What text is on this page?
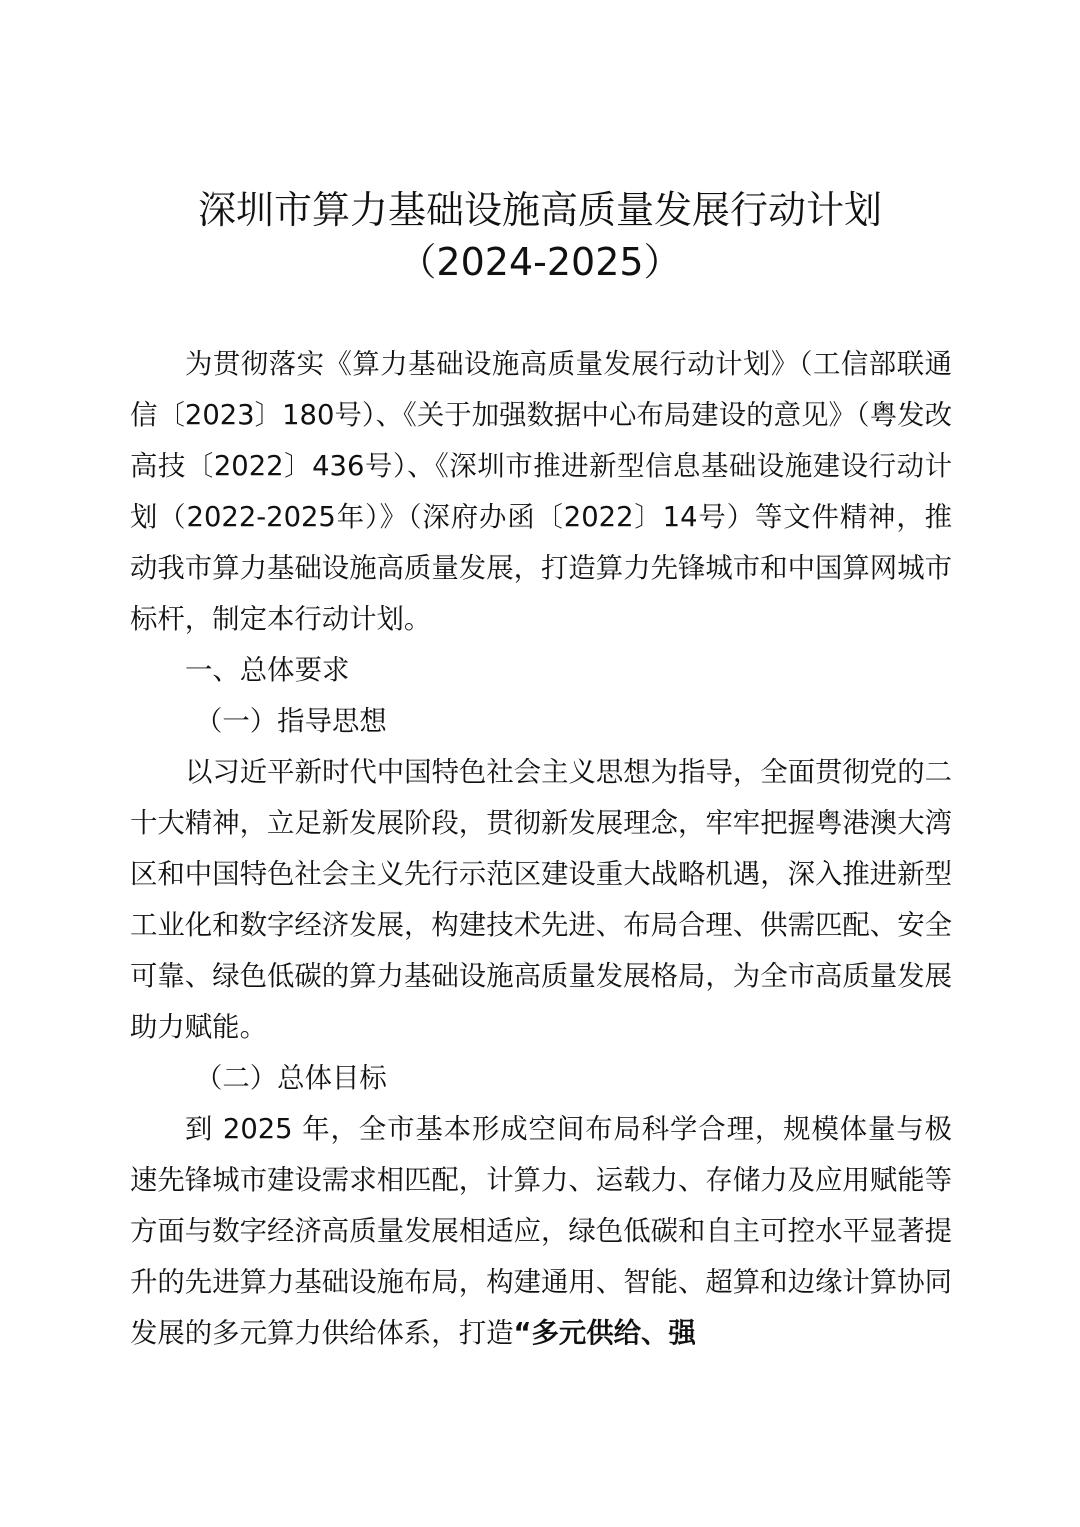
深圳市算力基础设施高质量发展行动计划
（2024-2025）

为贯彻落实《算力基础设施高质量发展行动计划》（工信部联通信〔2023〕180号）、《关于加强数据中心布局建设的意见》（粤发改高技〔2022〕436号）、《深圳市推进新型信息基础设施建设行动计划（2022-2025年）》（深府办函〔2022〕14号）等文件精神，推动我市算力基础设施高质量发展，打造算力先锋城市和中国算网城市标杆，制定本行动计划。

一、总体要求

（一）指导思想

以习近平新时代中国特色社会主义思想为指导，全面贯彻党的二十大精神，立足新发展阶段，贯彻新发展理念，牢牢把握粤港澳大湾区和中国特色社会主义先行示范区建设重大战略机遇，深入推进新型工业化和数字经济发展，构建技术先进、布局合理、供需匹配、安全可靠、绿色低碳的算力基础设施高质量发展格局，为全市高质量发展助力赋能。

（二）总体目标

到 2025 年，全市基本形成空间布局科学合理，规模体量与极速先锋城市建设需求相匹配，计算力、运载力、存储力及应用赋能等方面与数字经济高质量发展相适应，绿色低碳和自主可控水平显著提升的先进算力基础设施布局，构建通用、智能、超算和边缘计算协同发展的多元算力供给体系，打造“多元供给、强
